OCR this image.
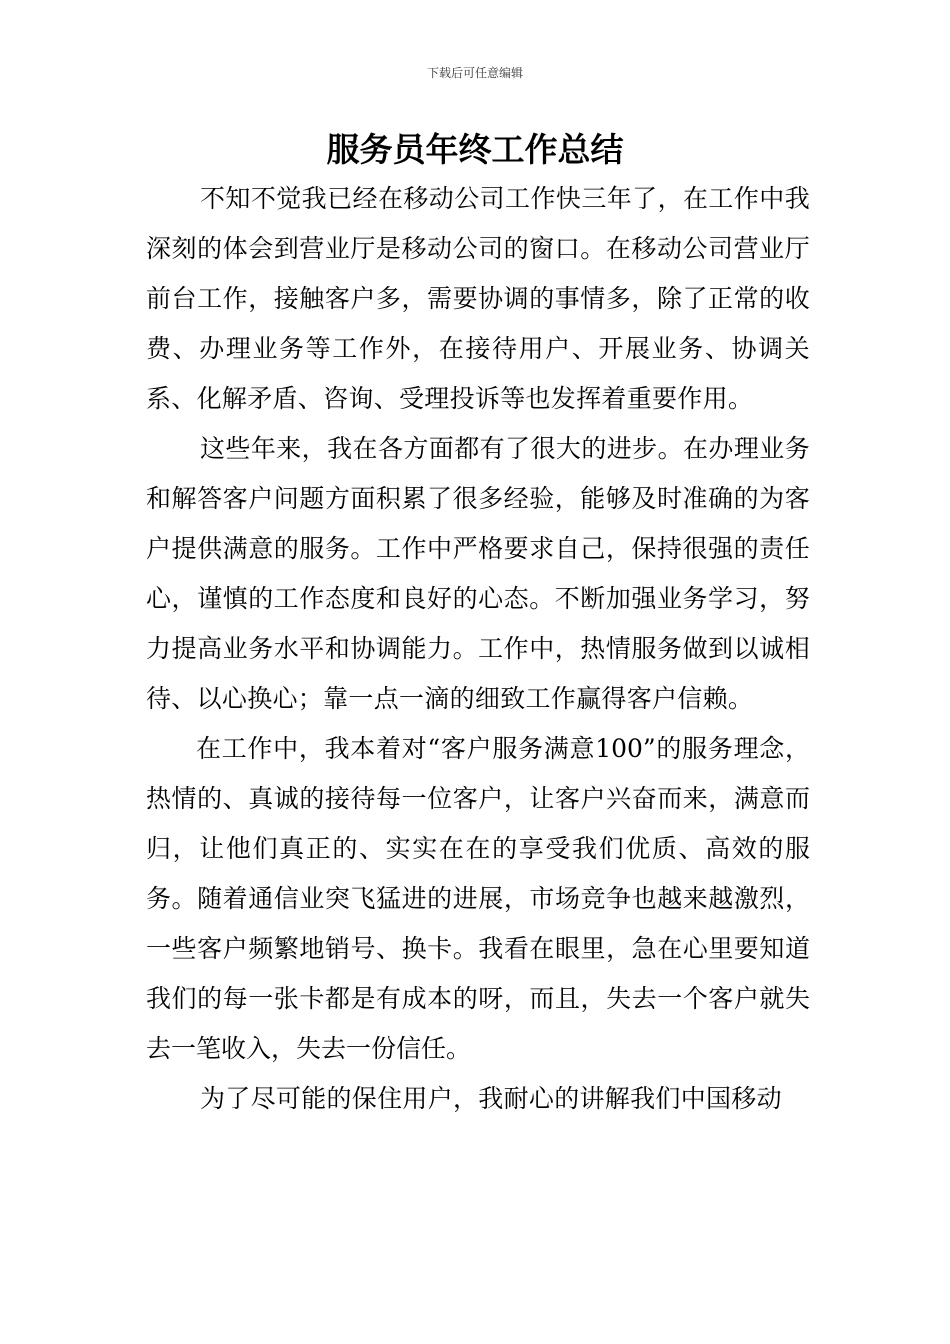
下载后可任意编辑
服务员年终工作总结

不知不觉我已经在移动公司工作快三年了，在工作中我深刻的体会到营业厅是移动公司的窗口。在移动公司营业厅前台工作，接触客户多，需要协调的事情多，除了正常的收费、办理业务等工作外，在接待用户、开展业务、协调关系、化解矛盾、咨询、受理投诉等也发挥着重要作用。

这些年来，我在各方面都有了很大的进步。在办理业务和解答客户问题方面积累了很多经验，能够及时准确的为客户提供满意的服务。工作中严格要求自己，保持很强的责任心，谨慎的工作态度和良好的心态。不断加强业务学习，努力提高业务水平和协调能力。工作中，热情服务做到以诚相待、以心换心；靠一点一滴的细致工作赢得客户信赖。

在工作中，我本着对“客户服务满意100”的服务理念，热情的、真诚的接待每一位客户，让客户兴奋而来，满意而归，让他们真正的、实实在在的享受我们优质、高效的服务。随着通信业突飞猛进的进展，市场竞争也越来越激烈，一些客户频繁地销号、换卡。我看在眼里，急在心里要知道我们的每一张卡都是有成本的呀，而且，失去一个客户就失去一笔收入，失去一份信任。

为了尽可能的保住用户，我耐心的讲解我们中国移动
